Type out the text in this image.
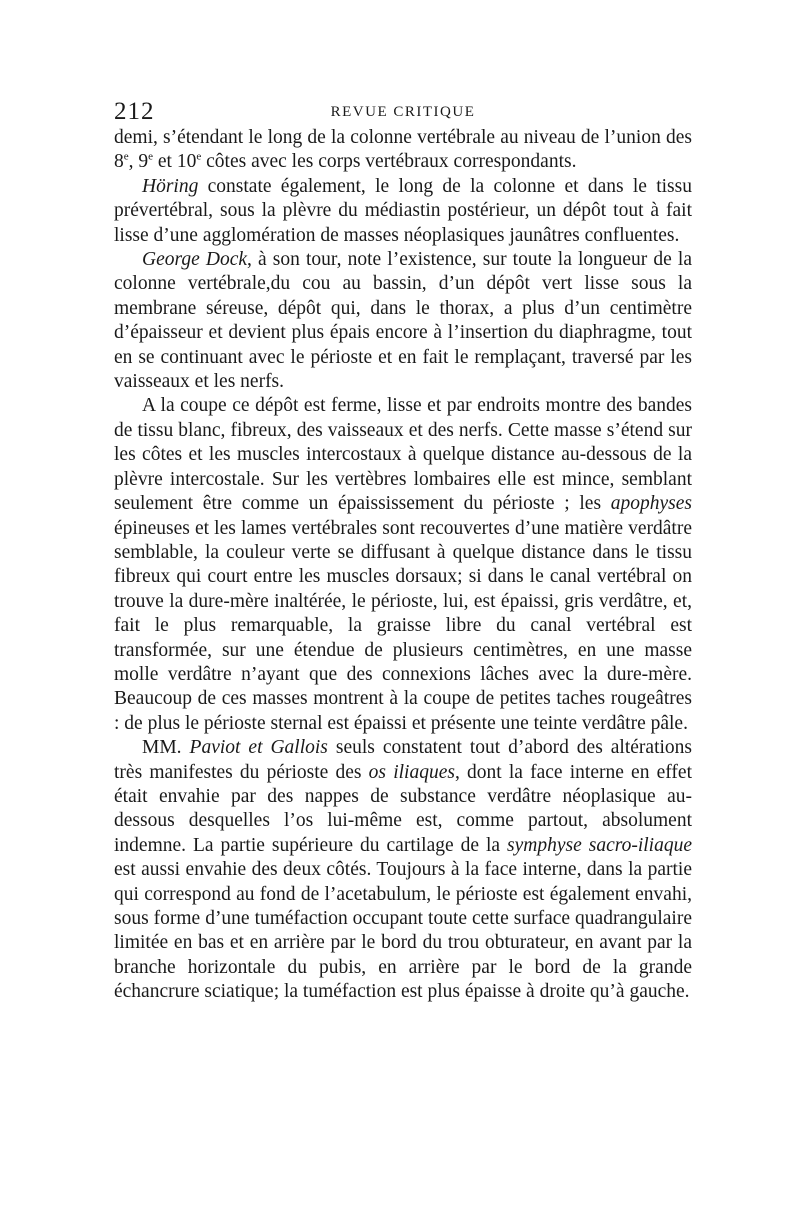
212	REVUE CRITIQUE

demi, s’étendant le long de la colonne vertébrale au niveau de l’union des 8e, 9e et 10e côtes avec les corps vertébraux correspondants.

Höring constate également, le long de la colonne et dans le tissu prévertébral, sous la plèvre du médiastin postérieur, un dépôt tout à fait lisse d’une agglomération de masses néoplasiques jaunâtres confluentes.

George Dock, à son tour, note l’existence, sur toute la longueur de la colonne vertébrale,du cou au bassin, d’un dépôt vert lisse sous la membrane séreuse, dépôt qui, dans le thorax, a plus d’un centimètre d’épaisseur et devient plus épais encore à l’insertion du diaphragme, tout en se continuant avec le périoste et en fait le remplaçant, traversé par les vaisseaux et les nerfs.

A la coupe ce dépôt est ferme, lisse et par endroits montre des bandes de tissu blanc, fibreux, des vaisseaux et des nerfs. Cette masse s’étend sur les côtes et les muscles intercostaux à quelque distance au-dessous de la plèvre intercostale. Sur les vertèbres lombaires elle est mince, semblant seulement être comme un épaississement du périoste ; les apophyses épineuses et les lames vertébrales sont recouvertes d’une matière verdâtre semblable, la couleur verte se diffusant à quelque distance dans le tissu fibreux qui court entre les muscles dorsaux; si dans le canal vertébral on trouve la dure-mère inaltérée, le périoste, lui, est épaissi, gris verdâtre, et, fait le plus remarquable, la graisse libre du canal vertébral est transformée, sur une étendue de plusieurs centimètres, en une masse molle verdâtre n’ayant que des connexions lâches avec la dure-mère. Beaucoup de ces masses montrent à la coupe de petites taches rougeâtres : de plus le périoste sternal est épaissi et présente une teinte verdâtre pâle.

MM. Paviot et Gallois seuls constatent tout d’abord des altérations très manifestes du périoste des os iliaques, dont la face interne en effet était envahie par des nappes de substance verdâtre néoplasique au-dessous desquelles l’os lui-même est, comme partout, absolument indemne. La partie supérieure du cartilage de la symphyse sacro-iliaque est aussi envahie des deux côtés. Toujours à la face interne, dans la partie qui correspond au fond de l’acetabulum, le périoste est également envahi, sous forme d’une tuméfaction occupant toute cette surface quadrangulaire limitée en bas et en arrière par le bord du trou obturateur, en avant par la branche horizontale du pubis, en arrière par le bord de la grande échancrure sciatique; la tuméfaction est plus épaisse à droite qu’à gauche.
